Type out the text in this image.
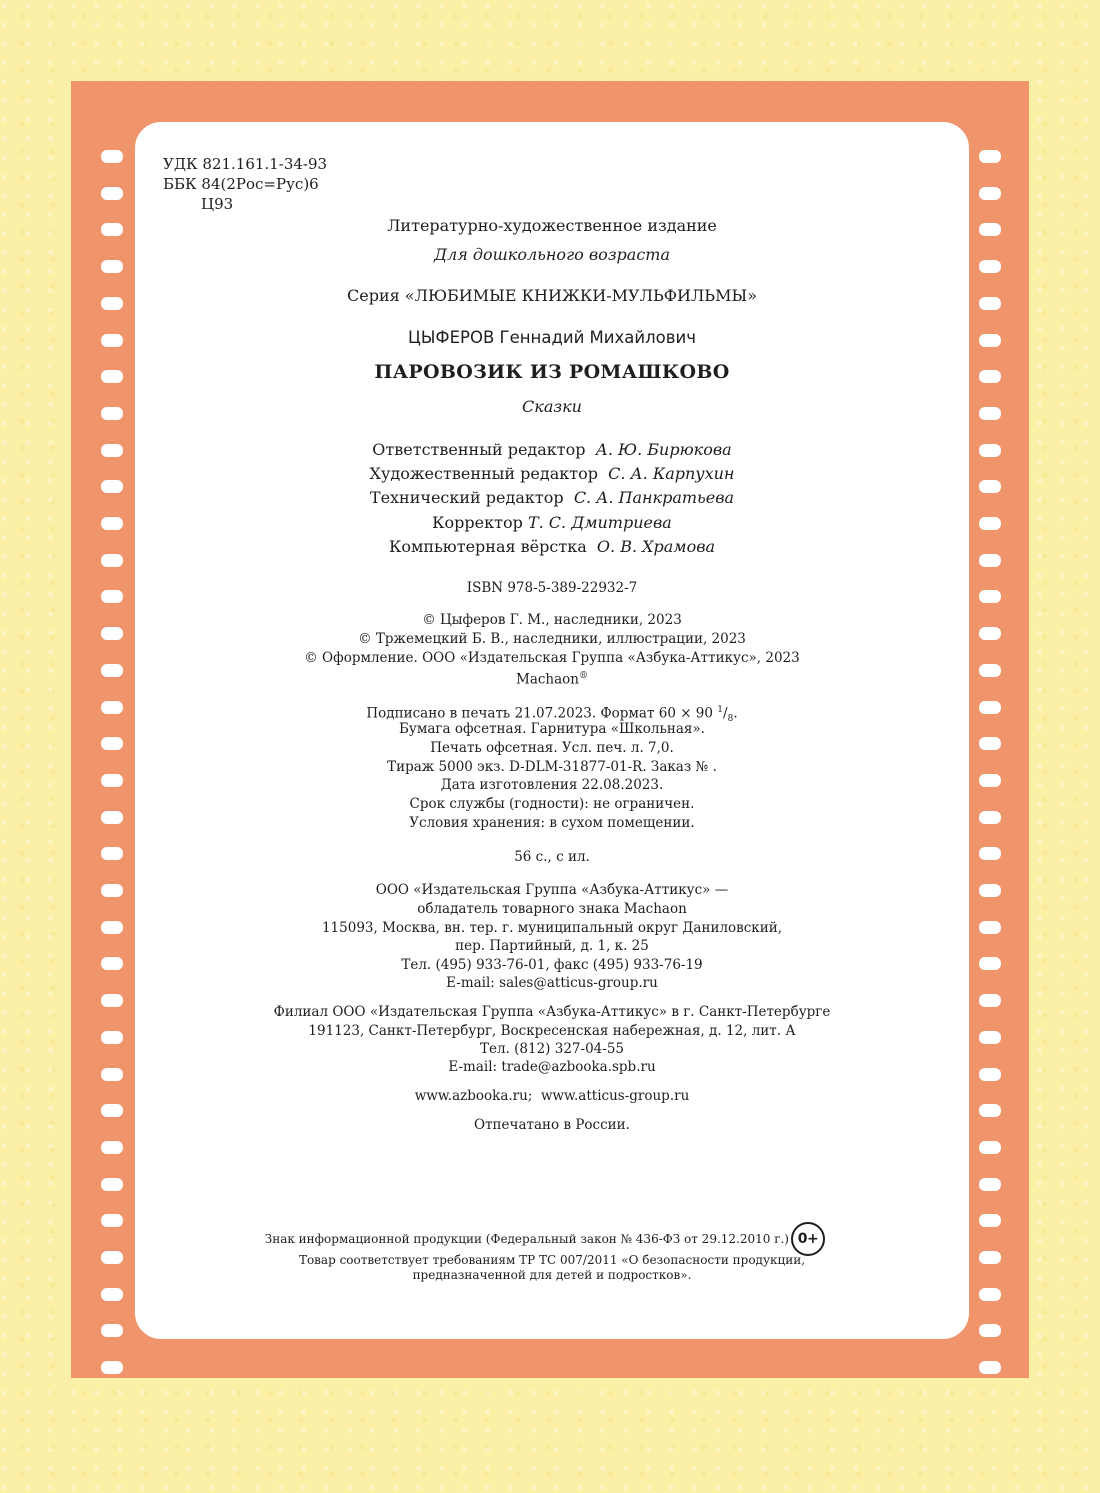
УДК 821.161.1-34-93
ББК 84(2Рос=Рус)6
Ц93
Литературно-художественное издание
Для дошкольного возраста
Серия «ЛЮБИМЫЕ КНИЖКИ-МУЛЬФИЛЬМЫ»
ЦЫФЕРОВ Геннадий Михайлович
ПАРОВОЗИК ИЗ РОМАШКОВО
Сказки
Ответственный редактор А. Ю. Бирюкова
Художественный редактор С. А. Карпухин
Технический редактор С. А. Панкратьева
Корректор Т. С. Дмитриева
Компьютерная вёрстка О. В. Храмова
ISBN 978-5-389-22932-7
© Цыферов Г. М., наследники, 2023
© Тржемецкий Б. В., наследники, иллюстрации, 2023
© Оформление. ООО «Издательская Группа «Азбука-Аттикус», 2023
Machaon®
Подписано в печать 21.07.2023. Формат 60 × 90 $^1/_8$.
Бумага офсетная. Гарнитура «Школьная».
Печать офсетная. Усл. печ. л. 7,0.
Тираж 5000 экз. D-DLM-31877-01-R. Заказ № .
Дата изготовления 22.08.2023.
Срок службы (годности): не ограничен.
Условия хранения: в сухом помещении.
56 с., с ил.
ООО «Издательская Группа «Азбука-Аттикус» —
обладатель товарного знака Machaon
115093, Москва, вн. тер. г. муниципальный округ Даниловский,
пер. Партийный, д. 1, к. 25
Тел. (495) 933-76-01, факс (495) 933-76-19
E-mail: sales@atticus-group.ru
Филиал ООО «Издательская Группа «Азбука-Аттикус» в г. Санкт-Петербурге
191123, Санкт-Петербург, Воскресенская набережная, д. 12, лит. А
Тел. (812) 327-04-55
E-mail: trade@azbooka.spb.ru
www.azbooka.ru;  www.atticus-group.ru
Отпечатано в России.
Знак информационной продукции (Федеральный закон № 436-ФЗ от 29.12.2010 г.) 0+
Товар соответствует требованиям ТР ТС 007/2011 «О безопасности продукции,
предназначенной для детей и подростков».
